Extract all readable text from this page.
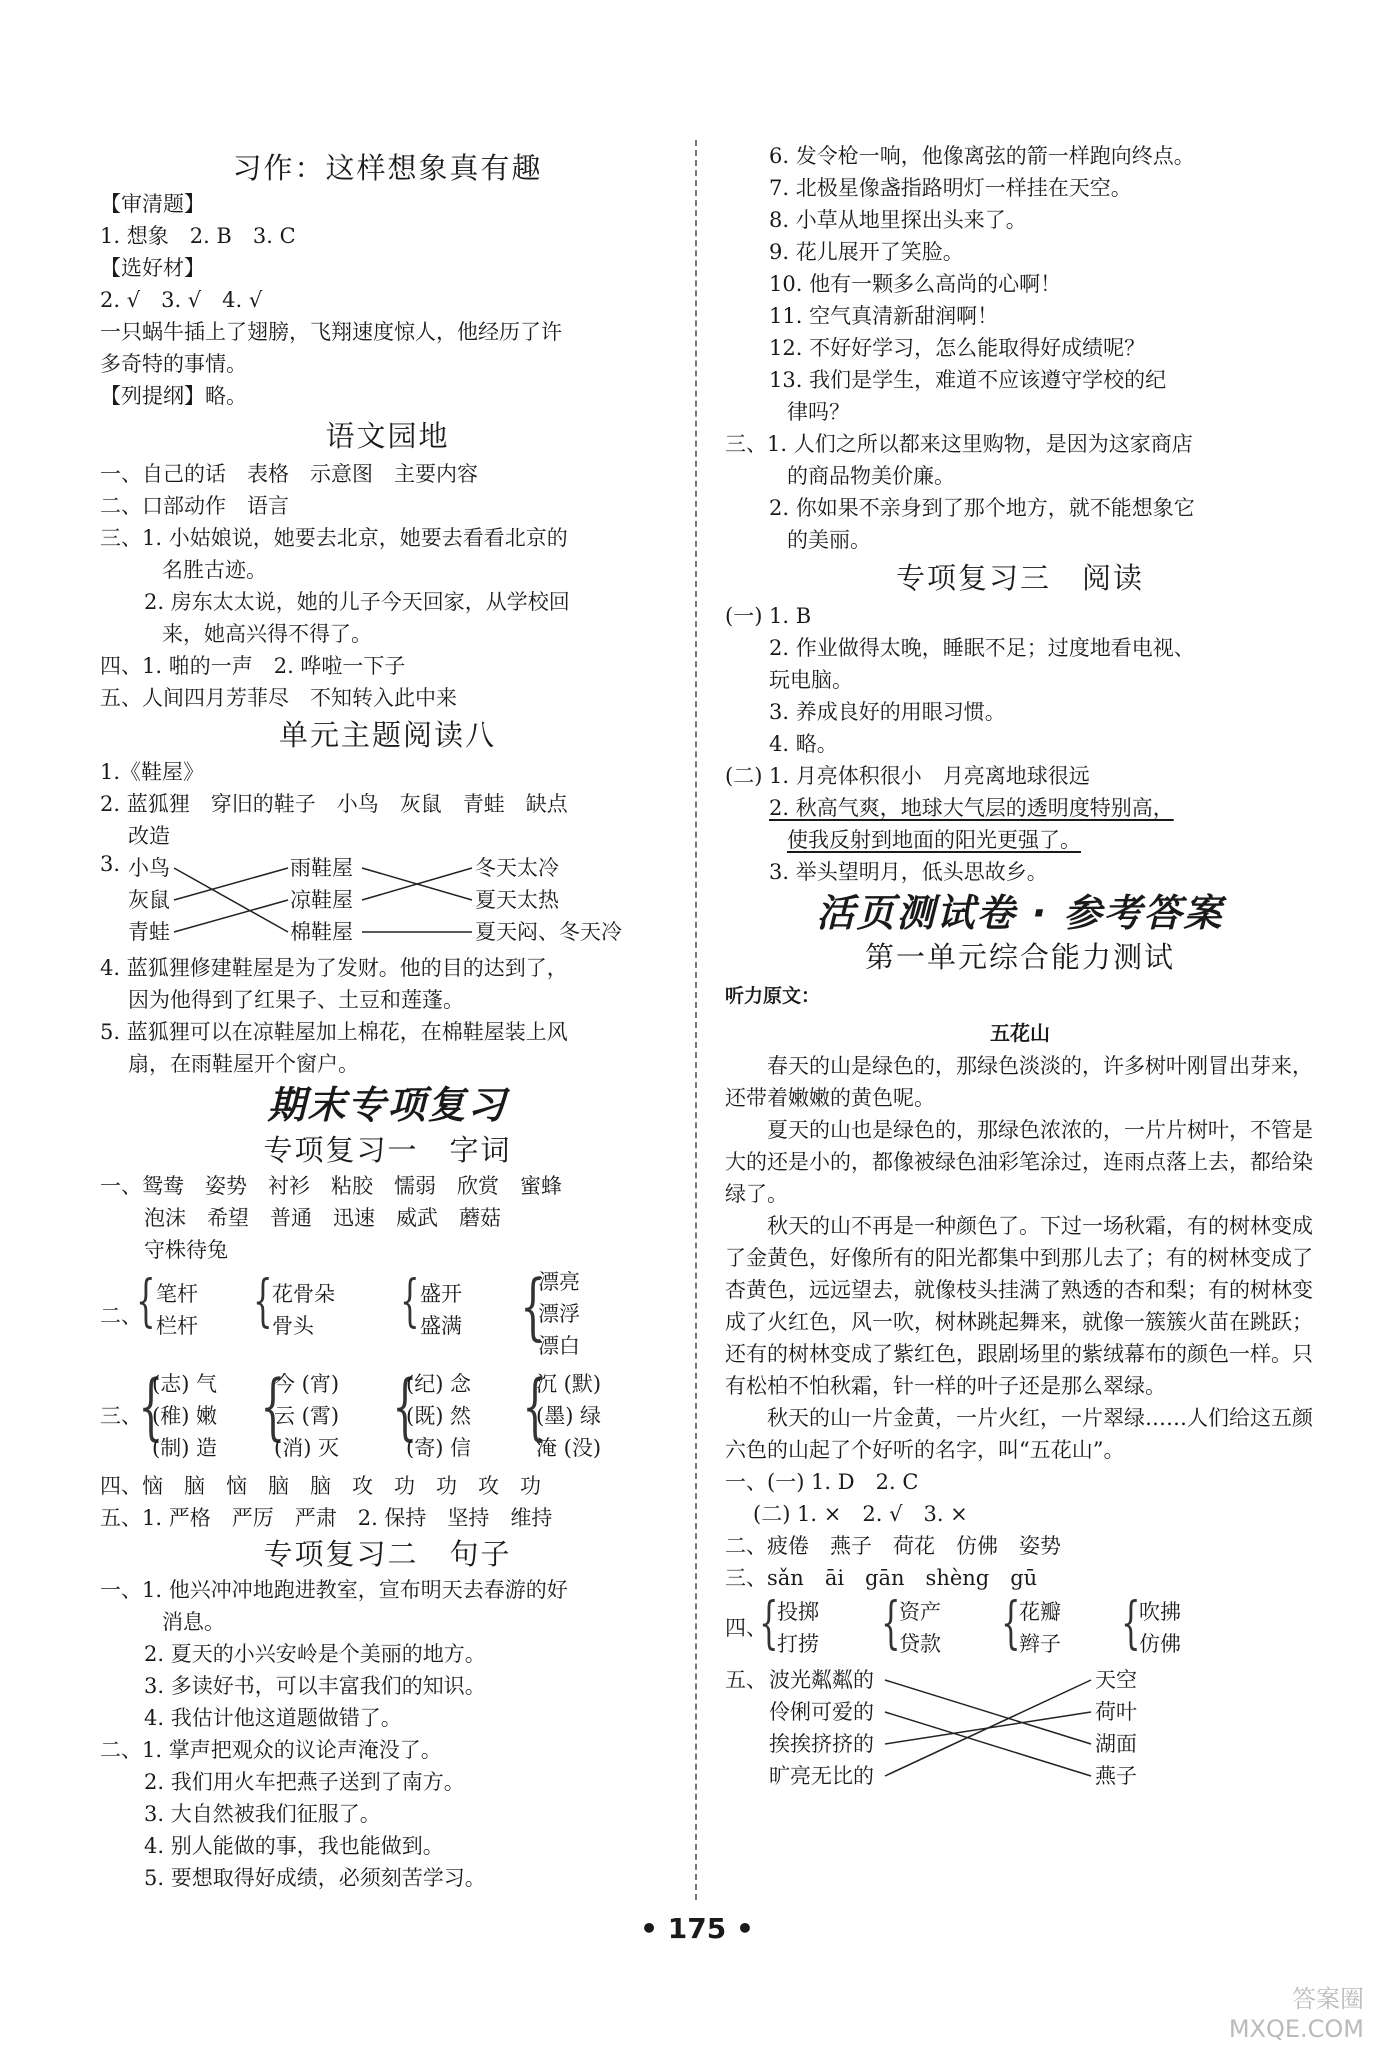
习作：这样想象真有趣
【审清题】
1. 想象　2. B　3. C
【选好材】
2. √　3. √　4. √
一只蜗牛插上了翅膀，飞翔速度惊人，他经历了许
多奇特的事情。
【列提纲】略。
语文园地
一、自己的话　表格　示意图　主要内容
二、口部动作　语言
三、1. 小姑娘说，她要去北京，她要去看看北京的
名胜古迹。
2. 房东太太说，她的儿子今天回家，从学校回
来，她高兴得不得了。
四、1. 啪的一声　2. 哗啦一下子
五、人间四月芳菲尽　不知转入此中来
单元主题阅读八
1.《鞋屋》
2. 蓝狐狸　穿旧的鞋子　小鸟　灰鼠　青蛙　缺点
改造
3. 小鸟
灰鼠
青蛙
雨鞋屋
凉鞋屋
棉鞋屋
冬天太冷
夏天太热
夏天闷、冬天冷
4. 蓝狐狸修建鞋屋是为了发财。他的目的达到了，
因为他得到了红果子、土豆和莲蓬。
5. 蓝狐狸可以在凉鞋屋加上棉花，在棉鞋屋装上风
扇，在雨鞋屋开个窗户。
期末专项复习
专项复习一　字词
一、鸳鸯　姿势　衬衫　粘胶　懦弱　欣赏　蜜蜂
泡沫　希望　普通　迅速　威武　蘑菇
守株待兔
二、
{ 笔杆
栏杆 { 花骨朵
骨头 { 盛开
盛满 {
漂亮
漂浮
漂白
三、
{
(志) 气
(稚) 嫩
(制) 造 {
今 (宵)
云 (霄)
(消) 灭 {
(纪) 念
(既) 然
(寄) 信 {
沉 (默)
(墨) 绿
淹 (没)
四、恼　脑　恼　脑　脑　攻　功　功　攻　功
五、1. 严格　严厉　严肃　2. 保持　坚持　维持
专项复习二　句子
一、1. 他兴冲冲地跑进教室，宣布明天去春游的好
消息。
2. 夏天的小兴安岭是个美丽的地方。
3. 多读好书，可以丰富我们的知识。
4. 我估计他这道题做错了。
二、1. 掌声把观众的议论声淹没了。
2. 我们用火车把燕子送到了南方。
3. 大自然被我们征服了。
4. 别人能做的事，我也能做到。
5. 要想取得好成绩，必须刻苦学习。
6. 发令枪一响，他像离弦的箭一样跑向终点。
7. 北极星像盏指路明灯一样挂在天空。
8. 小草从地里探出头来了。
9. 花儿展开了笑脸。
10. 他有一颗多么高尚的心啊！
11. 空气真清新甜润啊！
12. 不好好学习，怎么能取得好成绩呢？
13. 我们是学生，难道不应该遵守学校的纪
律吗？
三、1. 人们之所以都来这里购物，是因为这家商店
的商品物美价廉。
2. 你如果不亲身到了那个地方，就不能想象它
的美丽。
专项复习三　阅读
(一) 1. B
2. 作业做得太晚，睡眠不足；过度地看电视、
玩电脑。
3. 养成良好的用眼习惯。
4. 略。
(二) 1. 月亮体积很小　月亮离地球很远
2. 秋高气爽，地球大气层的透明度特别高，
使我反射到地面的阳光更强了。
3. 举头望明月，低头思故乡。
活页测试卷 · 参考答案
第一单元综合能力测试
听力原文：
五花山
春天的山是绿色的，那绿色淡淡的，许多树叶刚冒出芽来，还带着嫩嫩的黄色呢。
夏天的山也是绿色的，那绿色浓浓的，一片片树叶，不管是大的还是小的，都像被绿色油彩笔涂过，连雨点落上去，都给染绿了。
秋天的山不再是一种颜色了。下过一场秋霜，有的树林变成了金黄色，好像所有的阳光都集中到那儿去了；有的树林变成了杏黄色，远远望去，就像枝头挂满了熟透的杏和梨；有的树林变成了火红色，风一吹，树林跳起舞来，就像一簇簇火苗在跳跃；还有的树林变成了紫红色，跟剧场里的紫绒幕布的颜色一样。只有松柏不怕秋霜，针一样的叶子还是那么翠绿。
秋天的山一片金黄，一片火红，一片翠绿……人们给这五颜六色的山起了个好听的名字，叫“五花山”。
一、(一) 1. D　2. C
(二) 1. ×　2. √　3. ×
二、疲倦　燕子　荷花　仿佛　姿势
三、sǎn　āi　gān　shèng　gū
四、
{
投掷
打捞 {
资产
贷款 {
花瓣
辫子 {
吹拂
仿佛
五、 波光粼粼的
伶俐可爱的
挨挨挤挤的
旷亮无比的
天空
荷叶
湖面
燕子
• 175 •
答案圈
MXQE.COM
